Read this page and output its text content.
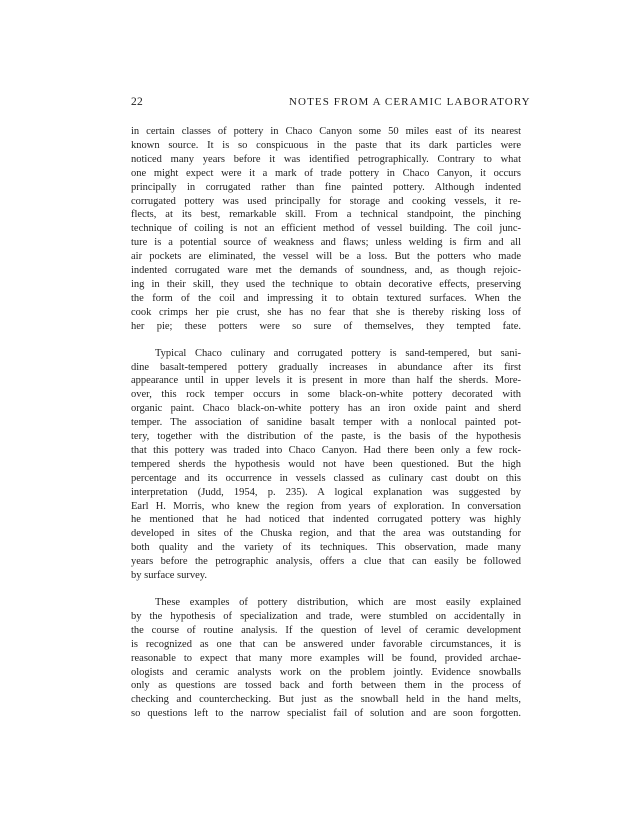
22	NOTES FROM A CERAMIC LABORATORY

in certain classes of pottery in Chaco Canyon some 50 miles east of its nearest
known source. It is so conspicuous in the paste that its dark particles were
noticed many years before it was identified petrographically. Contrary to what
one might expect were it a mark of trade pottery in Chaco Canyon, it occurs
principally in corrugated rather than fine painted pottery. Although indented
corrugated pottery was used principally for storage and cooking vessels, it re-
flects, at its best, remarkable skill. From a technical standpoint, the pinching
technique of coiling is not an efficient method of vessel building. The coil junc-
ture is a potential source of weakness and flaws; unless welding is firm and all
air pockets are eliminated, the vessel will be a loss. But the potters who made
indented corrugated ware met the demands of soundness, and, as though rejoic-
ing in their skill, they used the technique to obtain decorative effects, preserving
the form of the coil and impressing it to obtain textured surfaces. When the
cook crimps her pie crust, she has no fear that she is thereby risking loss of
her pie; these potters were so sure of themselves, they tempted fate.

Typical Chaco culinary and corrugated pottery is sand-tempered, but sani-
dine basalt-tempered pottery gradually increases in abundance after its first
appearance until in upper levels it is present in more than half the sherds. More-
over, this rock temper occurs in some black-on-white pottery decorated with
organic paint. Chaco black-on-white pottery has an iron oxide paint and sherd
temper. The association of sanidine basalt temper with a nonlocal painted pot-
tery, together with the distribution of the paste, is the basis of the hypothesis
that this pottery was traded into Chaco Canyon. Had there been only a few rock-
tempered sherds the hypothesis would not have been questioned. But the high
percentage and its occurrence in vessels classed as culinary cast doubt on this
interpretation (Judd, 1954, p. 235). A logical explanation was suggested by
Earl H. Morris, who knew the region from years of exploration. In conversation
he mentioned that he had noticed that indented corrugated pottery was highly
developed in sites of the Chuska region, and that the area was outstanding for
both quality and the variety of its techniques. This observation, made many
years before the petrographic analysis, offers a clue that can easily be followed
by surface survey.

These examples of pottery distribution, which are most easily explained
by the hypothesis of specialization and trade, were stumbled on accidentally in
the course of routine analysis. If the question of level of ceramic development
is recognized as one that can be answered under favorable circumstances, it is
reasonable to expect that many more examples will be found, provided archae-
ologists and ceramic analysts work on the problem jointly. Evidence snowballs
only as questions are tossed back and forth between them in the process of
checking and counterchecking. But just as the snowball held in the hand melts,
so questions left to the narrow specialist fail of solution and are soon forgotten.
